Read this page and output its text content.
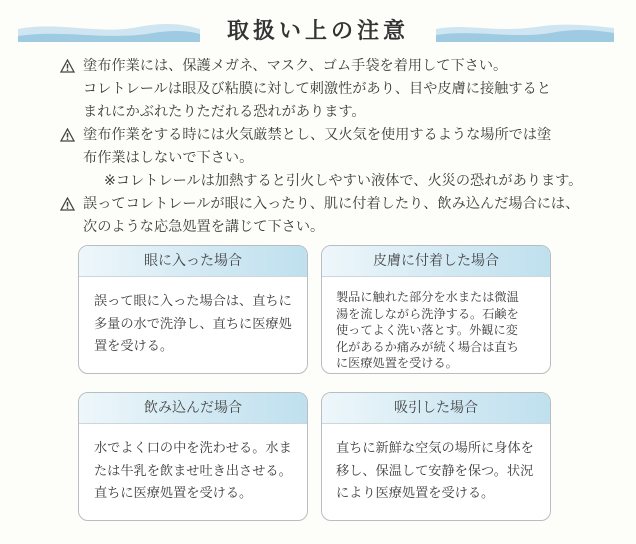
取扱い上の注意
塗布作業には、保護メガネ、マスク、ゴム手袋を着用して下さい。
コレトレールは眼及び粘膜に対して刺激性があり、目や皮膚に接触すると
まれにかぶれたりただれる恐れがあります。
塗布作業をする時には火気厳禁とし、又火気を使用するような場所では塗
布作業はしないで下さい。
※コレトレールは加熱すると引火しやすい液体で、火災の恐れがあります。
誤ってコレトレールが眼に入ったり、肌に付着したり、飲み込んだ場合には、
次のような応急処置を講じて下さい。
眼に入った場合
誤って眼に入った場合は、直ちに
多量の水で洗浄し、直ちに医療処
置を受ける。
皮膚に付着した場合
製品に触れた部分を水または微温
湯を流しながら洗浄する。石鹸を
使ってよく洗い落とす。外観に変
化があるか痛みが続く場合は直ち
に医療処置を受ける。
飲み込んだ場合
水でよく口の中を洗わせる。水ま
たは牛乳を飲ませ吐き出させる。
直ちに医療処置を受ける。
吸引した場合
直ちに新鮮な空気の場所に身体を
移し、保温して安静を保つ。状況
により医療処置を受ける。
